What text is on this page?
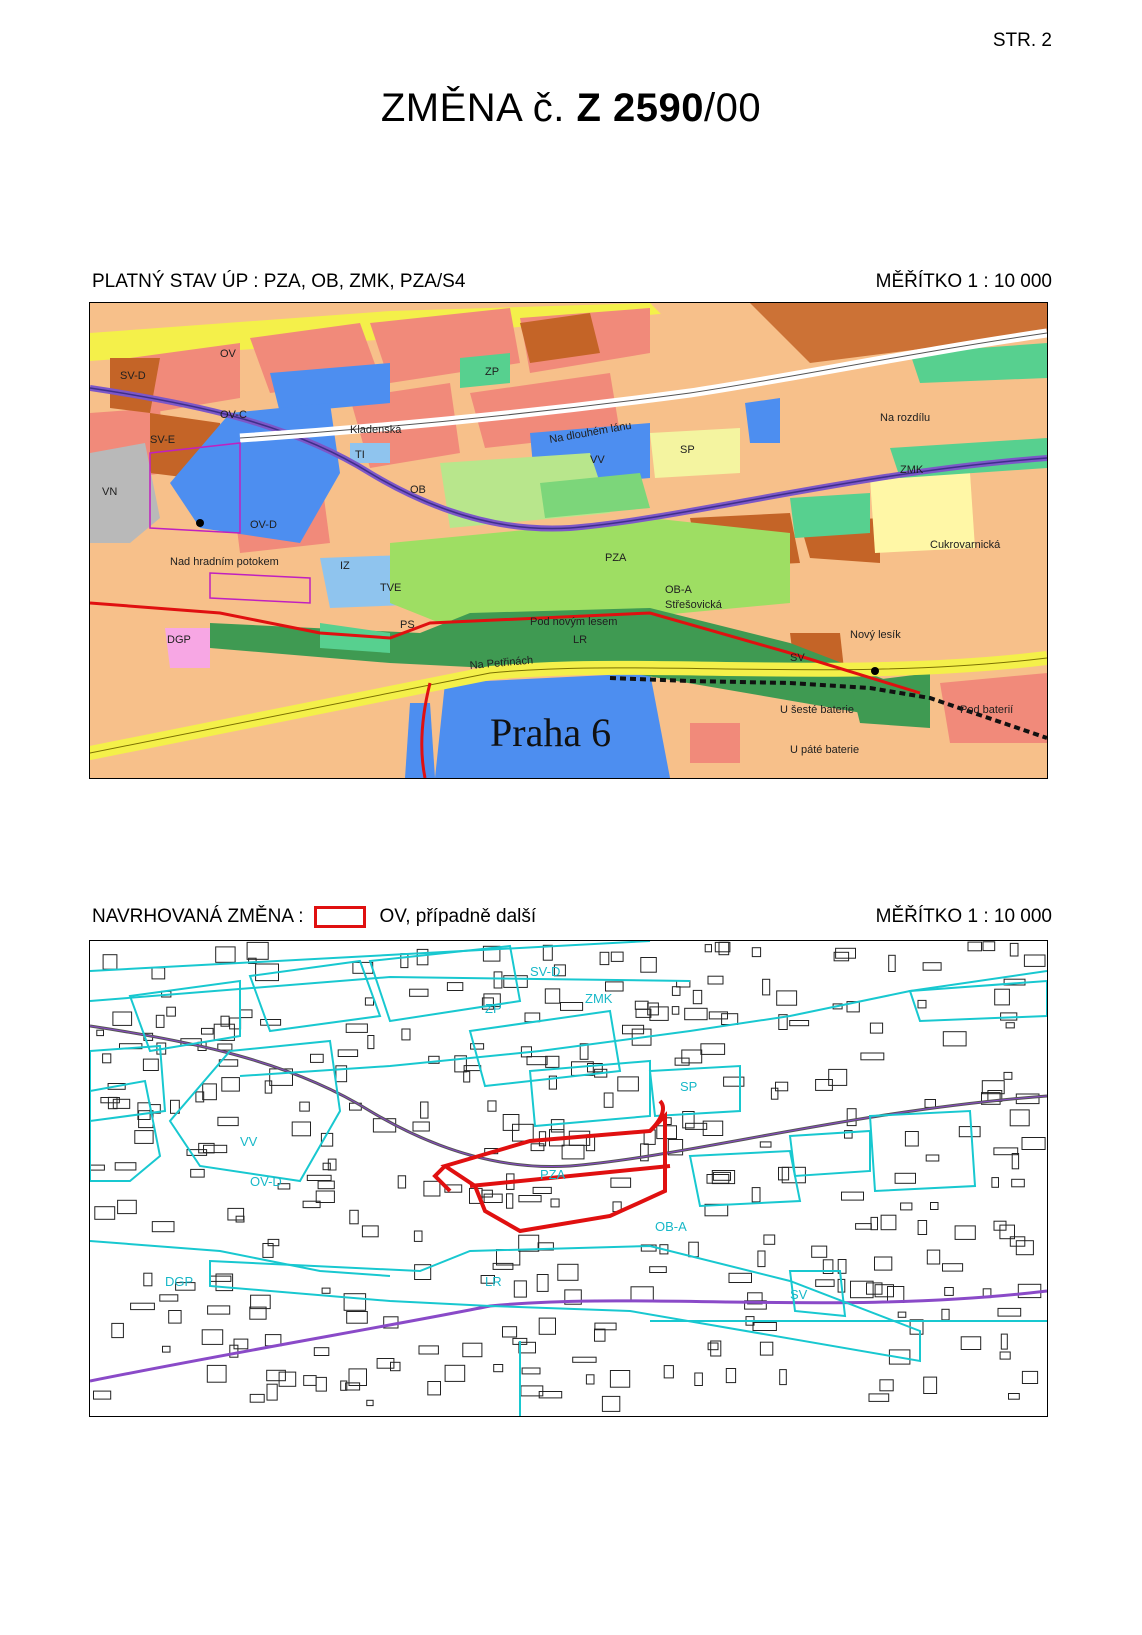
STR. 2
ZMĚNA č. Z 2590/00
PLATNÝ STAV ÚP : PZA, OB, ZMK, PZA/S4	MĚŘÍTKO 1 : 10 000
SV-D
OV
ZP
OB
VV
SP
ZMK
PZA
LR
TVE
DGP
SV
OV-D
SV-E
VN
PS
IZ
TI
OB-A
OV-C
Na dlouhém lánu
Nad hradním potokem
Pod novým lesem
Na Petřinách
Střešovická
Na rozdílu
Nový lesík
Pod baterií
U šesté baterie
U páté baterie
Cukrovarnická
Kladenská
Praha 6
NAVRHOVANÁ ZMĚNA :	OV, případně další	MĚŘÍTKO 1 : 10 000
SV-D
ZP
ZMK
SP
VV
PZA
OV-D
LR
OB-A
DGP
SV
